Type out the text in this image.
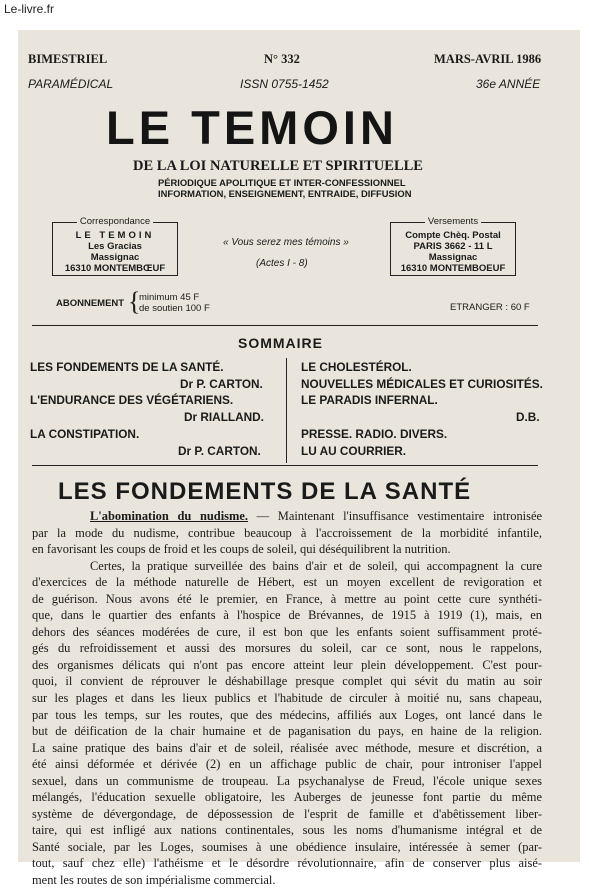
Le-livre.fr
BIMESTRIEL	N° 332	MARS-AVRIL 1986
PARAMÉDICAL	ISSN 0755-1452	36e ANNÉE
LE TEMOIN
DE LA LOI NATURELLE ET SPIRITUELLE
PÉRIODIQUE APOLITIQUE ET INTER-CONFESSIONNEL
INFORMATION, ENSEIGNEMENT, ENTRAIDE, DIFFUSION
Correspondance
LE TEMOIN
Les Gracias
Massignac
16310 MONTEMBŒUF
« Vous serez mes témoins »
(Actes I - 8)
Versements
Compte Chèq. Postal
PARIS 3662 - 11 L
Massignac
16310 MONTEMBOEUF
ABONNEMENT {
minimum 45 F
de soutien 100 F	ETRANGER : 60 F
SOMMAIRE
LES FONDEMENTS DE LA SANTÉ.
Dr P. CARTON.
L'ENDURANCE DES VÉGÉTARIENS.
Dr RIALLAND.
LA CONSTIPATION.
Dr P. CARTON.
LE CHOLESTÉROL.
NOUVELLES MÉDICALES ET CURIOSITÉS.
LE PARADIS INFERNAL.
D.B.
PRESSE. RADIO. DIVERS.
LU AU COURRIER.
LES FONDEMENTS DE LA SANTÉ

L'abomination du nudisme. — Maintenant l'insuffisance vestimentaire intronisée
par la mode du nudisme, contribue beaucoup à l'accroissement de la morbidité infantile,
en favorisant les coups de froid et les coups de soleil, qui déséquilibrent la nutrition.

Certes, la pratique surveillée des bains d'air et de soleil, qui accompagnent la cure
d'exercices de la méthode naturelle de Hébert, est un moyen excellent de revigoration et
de guérison. Nous avons été le premier, en France, à mettre au point cette cure synthéti-
que, dans le quartier des enfants à l'hospice de Brévannes, de 1915 à 1919 (1), mais, en
dehors des séances modérées de cure, il est bon que les enfants soient suffisamment proté-
gés du refroidissement et aussi des morsures du soleil, car ce sont, nous le rappelons,
des organismes délicats qui n'ont pas encore atteint leur plein développement. C'est pour-
quoi, il convient de réprouver le déshabillage presque complet qui sévit du matin au soir
sur les plages et dans les lieux publics et l'habitude de circuler à moitié nu, sans chapeau,
par tous les temps, sur les routes, que des médecins, affiliés aux Loges, ont lancé dans le
but de déification de la chair humaine et de paganisation du pays, en haine de la religion.
La saine pratique des bains d'air et de soleil, réalisée avec méthode, mesure et discrétion, a
été ainsi déformée et dérivée (2) en un affichage public de chair, pour introniser l'appel
sexuel, dans un communisme de troupeau. La psychanalyse de Freud, l'école unique sexes
mélangés, l'éducation sexuelle obligatoire, les Auberges de jeunesse font partie du même
système de dévergondage, de dépossession de l'esprit de famille et d'abêtissement liber-
taire, qui est infligé aux nations continentales, sous les noms d'humanisme intégral et de
Santé sociale, par les Loges, soumises à une obédience insulaire, intéressée à semer (par-
tout, sauf chez elle) l'athéisme et le désordre révolutionnaire, afin de conserver plus aisé-
ment les routes de son impérialisme commercial.
